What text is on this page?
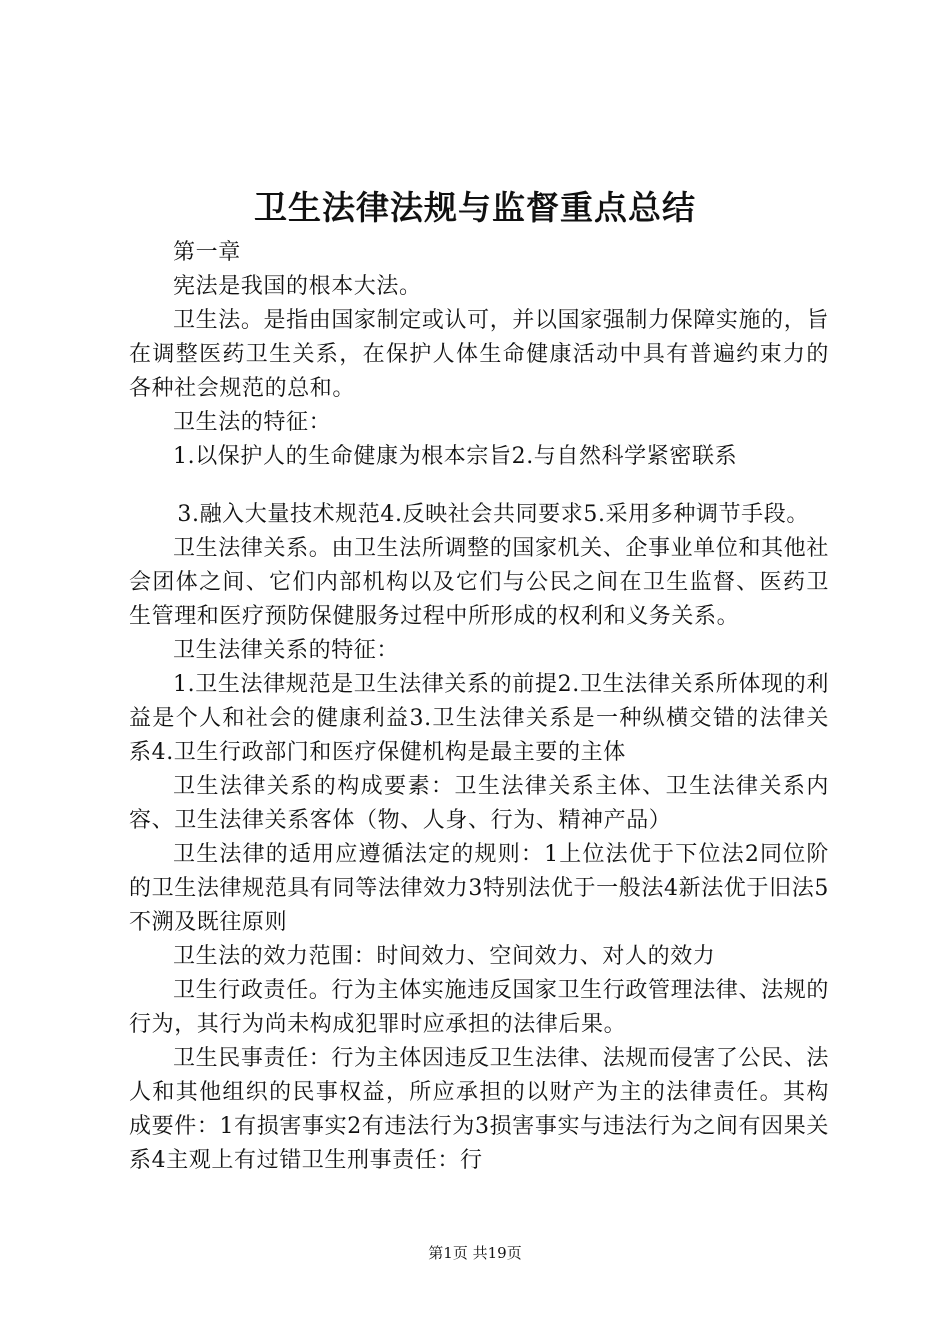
卫生法律法规与监督重点总结

第一章

宪法是我国的根本大法。

卫生法。是指由国家制定或认可，并以国家强制力保障实施的，旨在调整医药卫生关系，在保护人体生命健康活动中具有普遍约束力的各种社会规范的总和。

卫生法的特征：

1.以保护人的生命健康为根本宗旨2.与自然科学紧密联系

3.融入大量技术规范4.反映社会共同要求5.采用多种调节手段。

卫生法律关系。由卫生法所调整的国家机关、企事业单位和其他社会团体之间、它们内部机构以及它们与公民之间在卫生监督、医药卫生管理和医疗预防保健服务过程中所形成的权利和义务关系。

卫生法律关系的特征：

1.卫生法律规范是卫生法律关系的前提2.卫生法律关系所体现的利益是个人和社会的健康利益3.卫生法律关系是一种纵横交错的法律关系4.卫生行政部门和医疗保健机构是最主要的主体

卫生法律关系的构成要素：卫生法律关系主体、卫生法律关系内容、卫生法律关系客体（物、人身、行为、精神产品）

卫生法律的适用应遵循法定的规则：1上位法优于下位法2同位阶的卫生法律规范具有同等法律效力3特别法优于一般法4新法优于旧法5不溯及既往原则

卫生法的效力范围：时间效力、空间效力、对人的效力

卫生行政责任。行为主体实施违反国家卫生行政管理法律、法规的行为，其行为尚未构成犯罪时应承担的法律后果。

卫生民事责任：行为主体因违反卫生法律、法规而侵害了公民、法人和其他组织的民事权益，所应承担的以财产为主的法律责任。其构成要件：1有损害事实2有违法行为3损害事实与违法行为之间有因果关系4主观上有过错卫生刑事责任：行

第1页 共19页
